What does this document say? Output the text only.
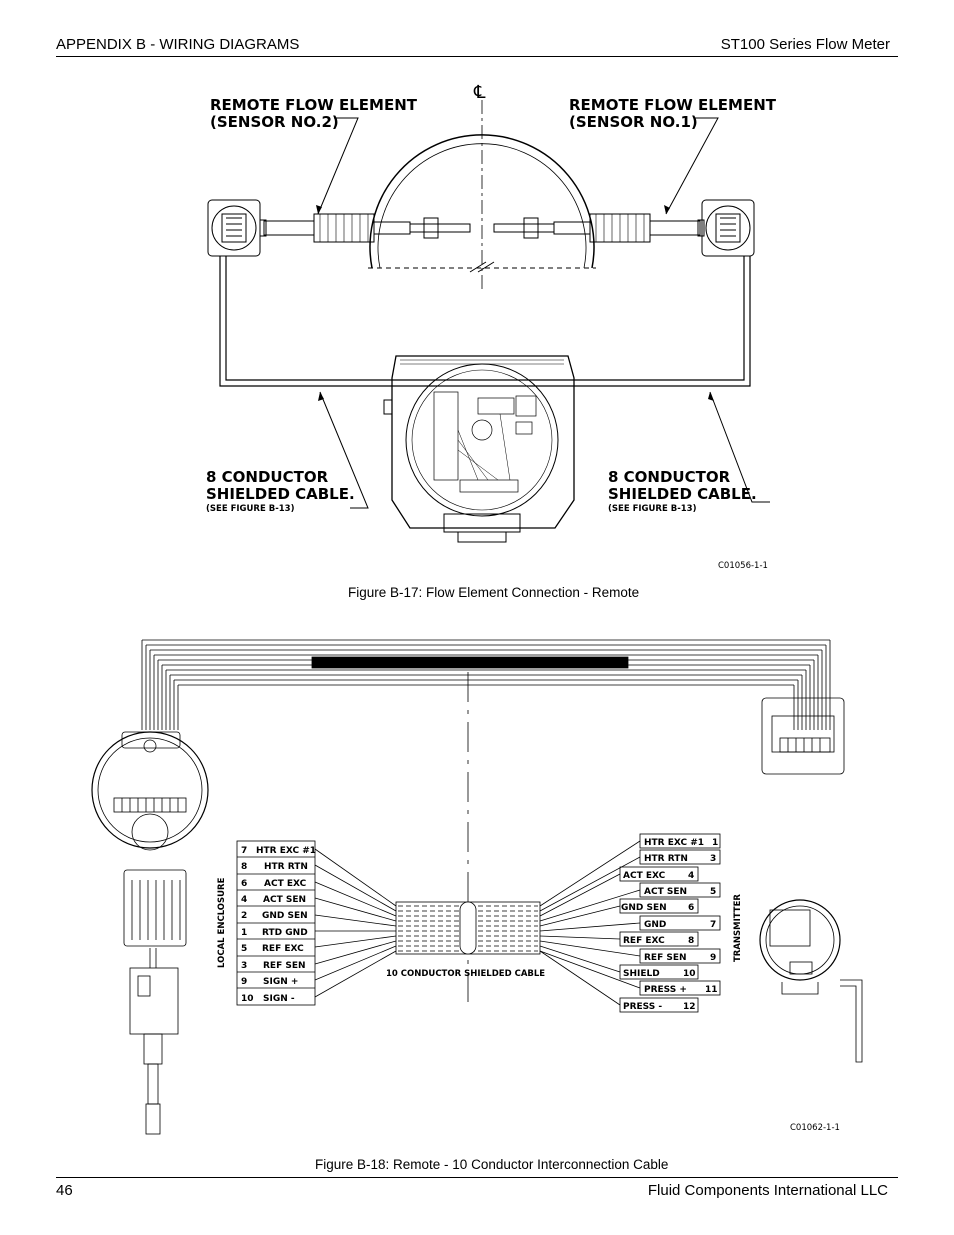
APPENDIX B - WIRING DIAGRAMS	ST100 Series Flow Meter
℄
REMOTE FLOW ELEMENT
(SENSOR NO.2)
REMOTE FLOW ELEMENT
(SENSOR NO.1)
8 CONDUCTOR
SHIELDED CABLE.
(SEE FIGURE B-13)
8 CONDUCTOR
SHIELDED CABLE.
(SEE FIGURE B-13)
C01056-1-1
Figure B-17: Flow Element Connection - Remote
LOCAL ENCLOSURE	TRANSMITTER
10 CONDUCTOR SHIELDED CABLE
C01062-1-1
7 HTR EXC #1
8 HTR RTN
6 ACT EXC
4 ACT SEN
2 GND SEN
1 RTD GND
5 REF EXC
3 REF SEN
9 SIGN +
10 SIGN -
HTR EXC #1 1
HTR RTN 3
ACT EXC	4
ACT SEN	5
GND SEN 6
GND	7
REF EXC	8
REF SEN	9
SHIELD	10
PRESS + 11
PRESS - 12
Figure B-18: Remote - 10 Conductor Interconnection Cable
46	Fluid Components International LLC
